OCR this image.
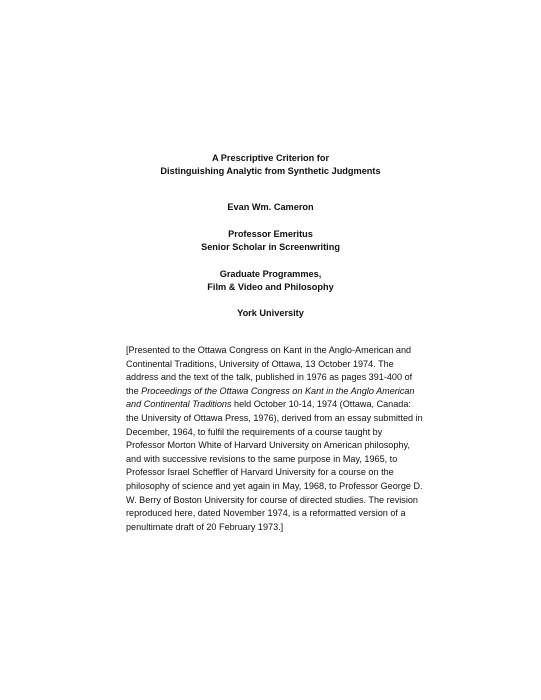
A Prescriptive Criterion for
Distinguishing Analytic from Synthetic Judgments
Evan Wm. Cameron
Professor Emeritus
Senior Scholar in Screenwriting
Graduate Programmes,
Film & Video and Philosophy
York University
[Presented to the Ottawa Congress on Kant in the Anglo-American and
Continental Traditions, University of Ottawa, 13 October 1974. The
address and the text of the talk, published in 1976 as pages 391-400 of
the Proceedings of the Ottawa Congress on Kant in the Anglo American
and Continental Traditions held October 10-14, 1974 (Ottawa, Canada:
the University of Ottawa Press, 1976), derived from an essay submitted in
December, 1964, to fulfil the requirements of a course taught by
Professor Morton White of Harvard University on American philosophy,
and with successive revisions to the same purpose in May, 1965, to
Professor Israel Scheffler of Harvard University for a course on the
philosophy of science and yet again in May, 1968, to Professor George D.
W. Berry of Boston University for course of directed studies. The revision
reproduced here, dated November 1974, is a reformatted version of a
penultimate draft of 20 February 1973.]
